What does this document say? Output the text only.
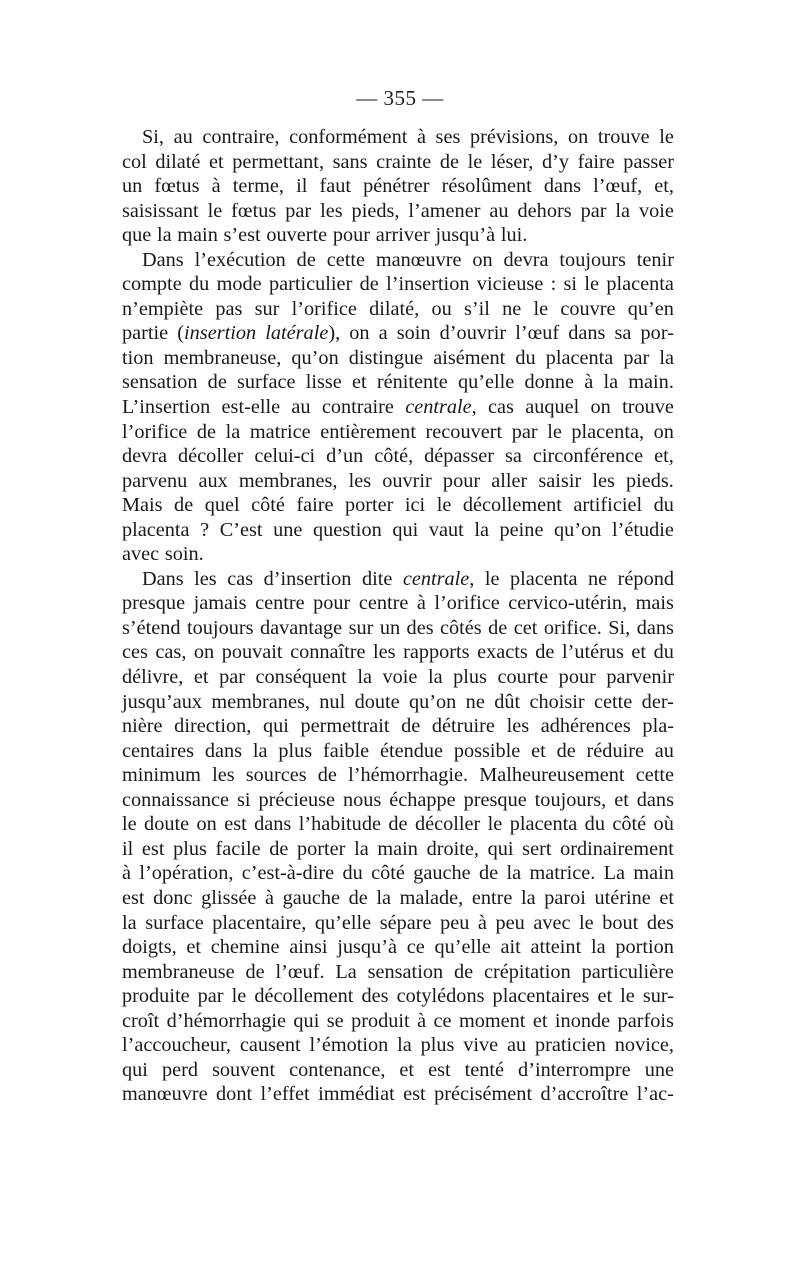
— 355 —
Si, au contraire, conformément à ses prévisions, on trouve le
col dilaté et permettant, sans crainte de le léser, d’y faire passer
un fœtus à terme, il faut pénétrer résolûment dans l’œuf, et,
saisissant le fœtus par les pieds, l’amener au dehors par la voie
que la main s’est ouverte pour arriver jusqu’à lui.
Dans l’exécution de cette manœuvre on devra toujours tenir
compte du mode particulier de l’insertion vicieuse : si le placenta
n’empiète pas sur l’orifice dilaté, ou s’il ne le couvre qu’en
partie (insertion latérale), on a soin d’ouvrir l’œuf dans sa por-
tion membraneuse, qu’on distingue aisément du placenta par la
sensation de surface lisse et rénitente qu’elle donne à la main.
L’insertion est-elle au contraire centrale, cas auquel on trouve
l’orifice de la matrice entièrement recouvert par le placenta, on
devra décoller celui-ci d’un côté, dépasser sa circonférence et,
parvenu aux membranes, les ouvrir pour aller saisir les pieds.
Mais de quel côté faire porter ici le décollement artificiel du
placenta ? C’est une question qui vaut la peine qu’on l’étudie
avec soin.
Dans les cas d’insertion dite centrale, le placenta ne répond
presque jamais centre pour centre à l’orifice cervico-utérin, mais
s’étend toujours davantage sur un des côtés de cet orifice. Si, dans
ces cas, on pouvait connaître les rapports exacts de l’utérus et du
délivre, et par conséquent la voie la plus courte pour parvenir
jusqu’aux membranes, nul doute qu’on ne dût choisir cette der-
nière direction, qui permettrait de détruire les adhérences pla-
centaires dans la plus faible étendue possible et de réduire au
minimum les sources de l’hémorrhagie. Malheureusement cette
connaissance si précieuse nous échappe presque toujours, et dans
le doute on est dans l’habitude de décoller le placenta du côté où
il est plus facile de porter la main droite, qui sert ordinairement
à l’opération, c’est-à-dire du côté gauche de la matrice. La main
est donc glissée à gauche de la malade, entre la paroi utérine et
la surface placentaire, qu’elle sépare peu à peu avec le bout des
doigts, et chemine ainsi jusqu’à ce qu’elle ait atteint la portion
membraneuse de l’œuf. La sensation de crépitation particulière
produite par le décollement des cotylédons placentaires et le sur-
croît d’hémorrhagie qui se produit à ce moment et inonde parfois
l’accoucheur, causent l’émotion la plus vive au praticien novice,
qui perd souvent contenance, et est tenté d’interrompre une
manœuvre dont l’effet immédiat est précisément d’accroître l’ac-
